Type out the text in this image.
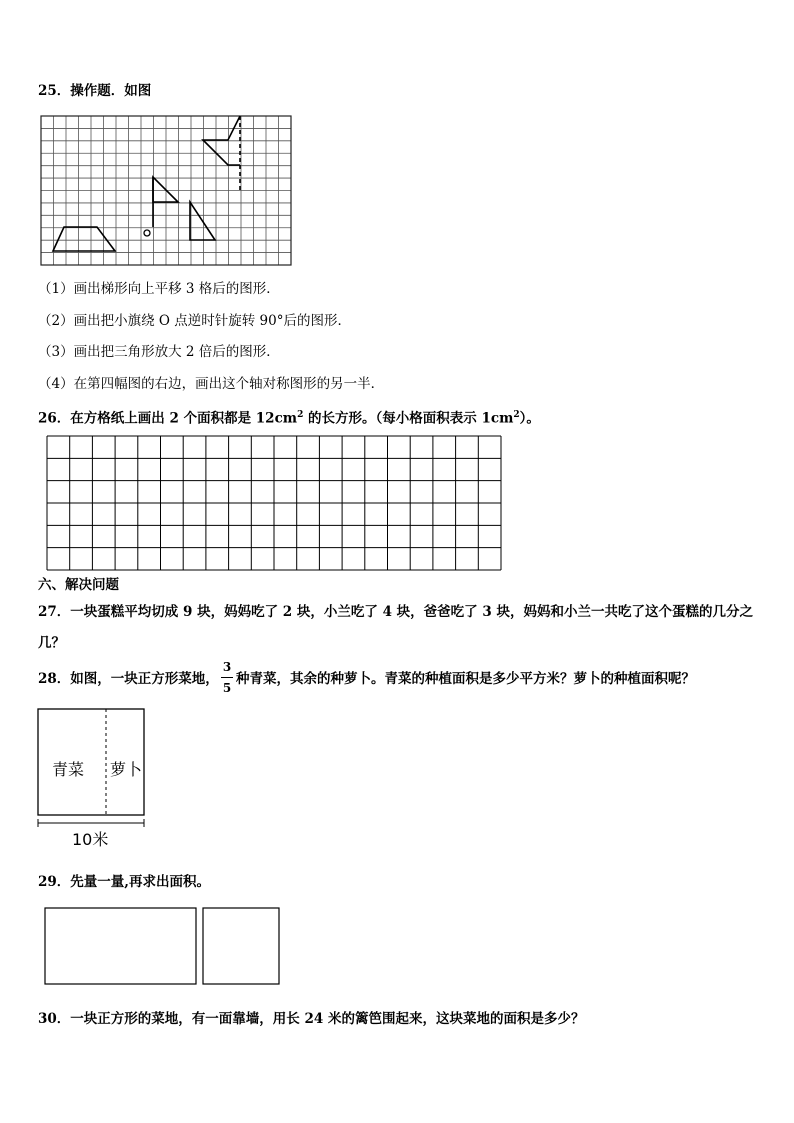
25．操作题．如图
（1）画出梯形向上平移 3 格后的图形．
（2）画出把小旗绕 O 点逆时针旋转 90°后的图形．
（3）画出把三角形放大 2 倍后的图形．
（4）在第四幅图的右边，画出这个轴对称图形的另一半．
26．在方格纸上画出 2 个面积都是 $12cm^2$ 的长方形。（每小格面积表示 $1cm^2$）。
六、解决问题
27．一块蛋糕平均切成 9 块，妈妈吃了 2 块，小兰吃了 4 块，爸爸吃了 3 块，妈妈和小兰一共吃了这个蛋糕的几分之
几？
28．如图，一块正方形菜地，
3
5
种青菜，其余的种萝卜。青菜的种植面积是多少平方米？萝卜的种植面积呢？
青菜 萝卜
10米
29．先量一量,再求出面积。
30．一块正方形的菜地，有一面靠墙，用长 24 米的篱笆围起来，这块菜地的面积是多少？
